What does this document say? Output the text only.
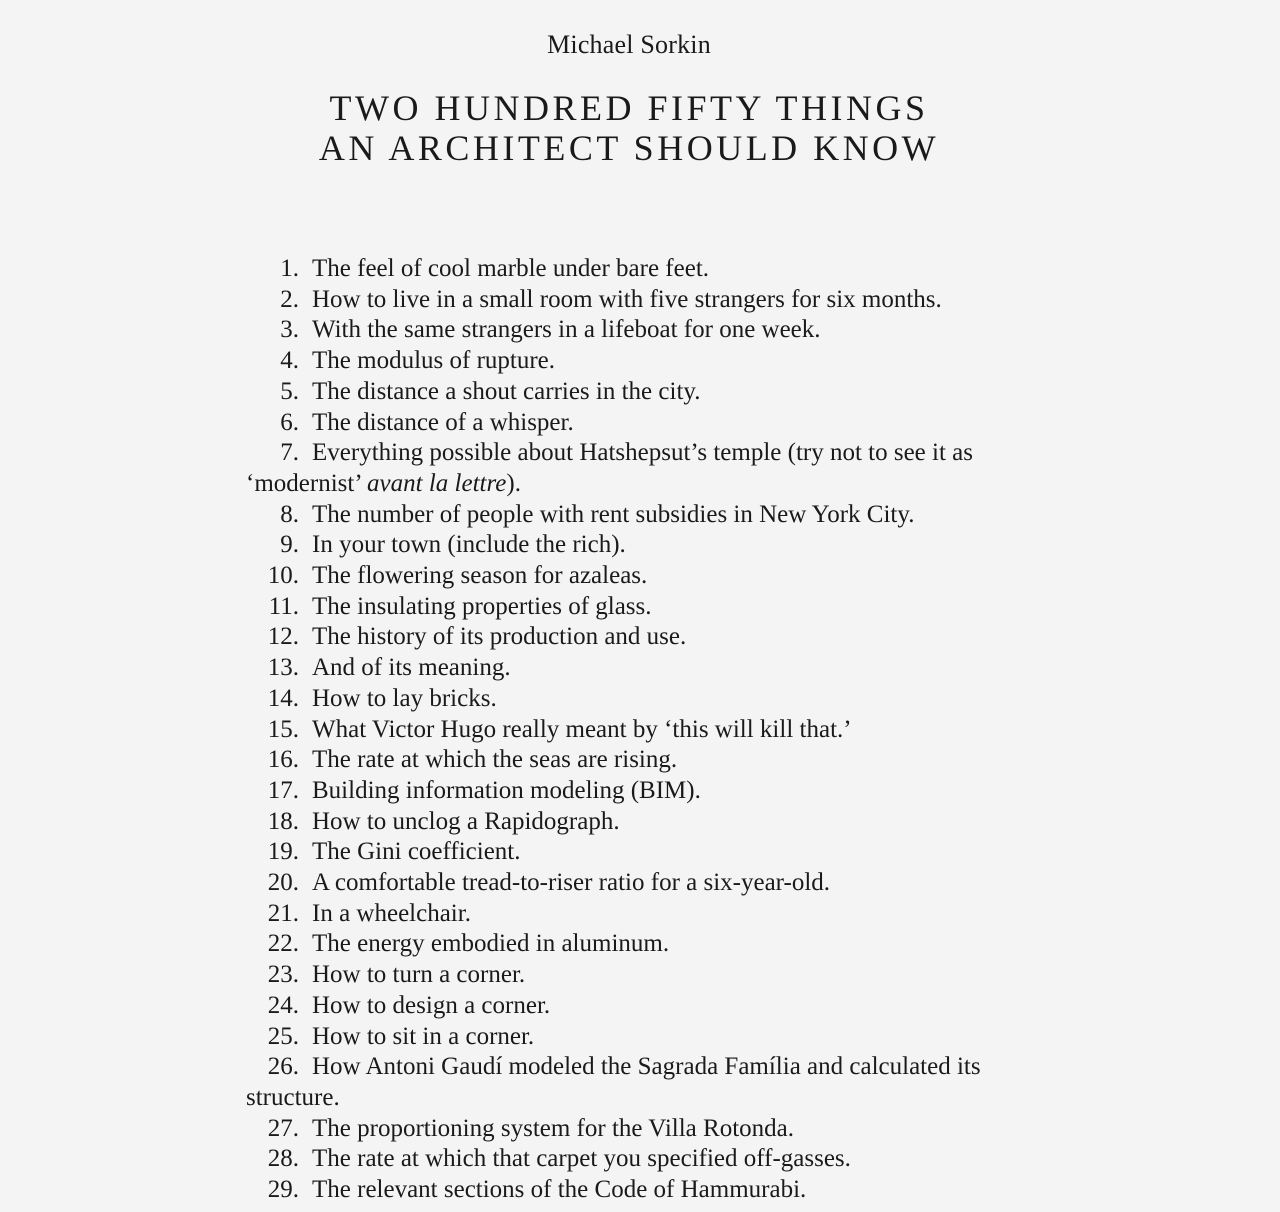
Michael Sorkin
TWO HUNDRED FIFTY THINGS
AN ARCHITECT SHOULD KNOW
1. The feel of cool marble under bare feet.
2. How to live in a small room with five strangers for six months.
3. With the same strangers in a lifeboat for one week.
4. The modulus of rupture.
5. The distance a shout carries in the city.
6. The distance of a whisper.
7. Everything possible about Hatshepsut’s temple (try not to see it as
‘modernist’ avant la lettre).
8. The number of people with rent subsidies in New York City.
9. In your town (include the rich).
10. The flowering season for azaleas.
11. The insulating properties of glass.
12. The history of its production and use.
13. And of its meaning.
14. How to lay bricks.
15. What Victor Hugo really meant by ‘this will kill that.’
16. The rate at which the seas are rising.
17. Building information modeling (BIM).
18. How to unclog a Rapidograph.
19. The Gini coefficient.
20. A comfortable tread-to-riser ratio for a six-year-old.
21. In a wheelchair.
22. The energy embodied in aluminum.
23. How to turn a corner.
24. How to design a corner.
25. How to sit in a corner.
26. How Antoni Gaudí modeled the Sagrada Família and calculated its
structure.
27. The proportioning system for the Villa Rotonda.
28. The rate at which that carpet you specified off-gasses.
29. The relevant sections of the Code of Hammurabi.
